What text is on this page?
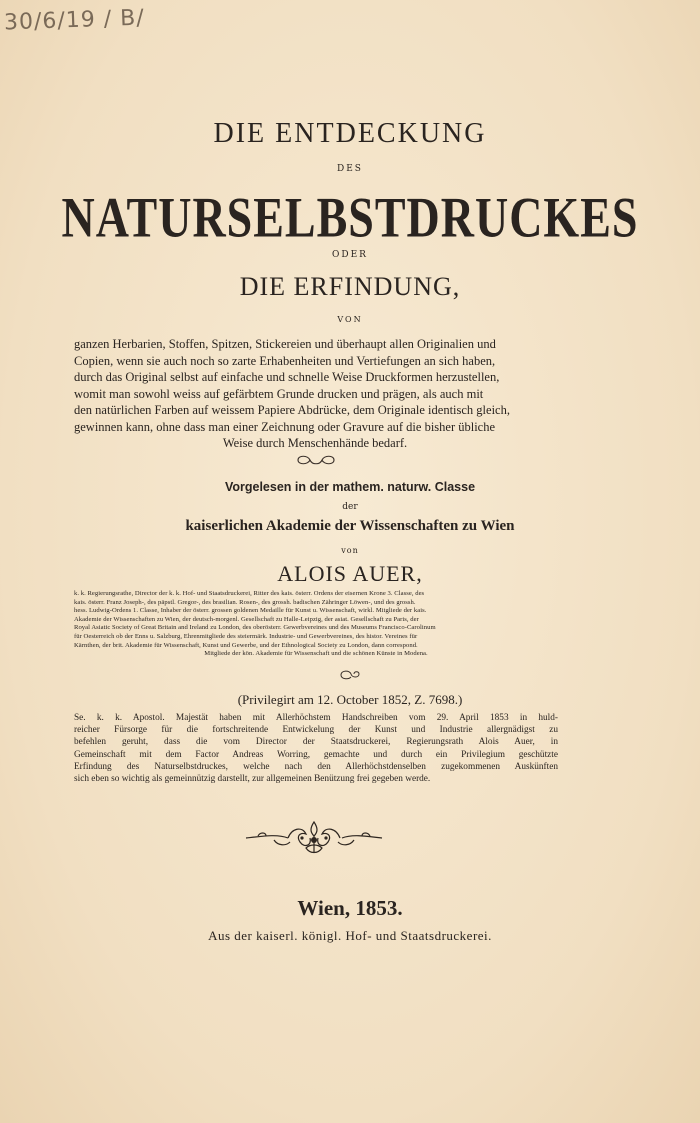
30/6/19 / B/
DIE ENTDECKUNG
DES
NATURSELBSTDRUCKES
ODER
DIE ERFINDUNG,
VON
ganzen Herbarien, Stoffen, Spitzen, Stickereien und überhaupt allen Originalien und
Copien, wenn sie auch noch so zarte Erhabenheiten und Vertiefungen an sich haben,
durch das Original selbst auf einfache und schnelle Weise Druckformen herzustellen,
womit man sowohl weiss auf gefärbtem Grunde drucken und prägen, als auch mit
den natürlichen Farben auf weissem Papiere Abdrücke, dem Originale identisch gleich,
gewinnen kann, ohne dass man einer Zeichnung oder Gravure auf die bisher übliche
Weise durch Menschenhände bedarf.
Vorgelesen in der mathem. naturw. Classe
der
kaiserlichen Akademie der Wissenschaften zu Wien
von
ALOIS AUER,
k. k. Regierungsrathe, Director der k. k. Hof- und Staatsdruckerei, Ritter des kais. österr. Ordens der eisernen Krone 3. Classe, des
kais. österr. Franz Joseph-, des päpstl. Gregor-, des brasilian. Rosen-, des grossh. badischen Zähringer Löwen-, und des grossh.
hess. Ludwig-Ordens 1. Classe, Inhaber der österr. grossen goldenen Medaille für Kunst u. Wissenschaft, wirkl. Mitgliede der kais.
Akademie der Wissenschaften zu Wien, der deutsch-morgenl. Gesellschaft zu Halle-Leipzig, der asiat. Gesellschaft zu Paris, der
Royal Asiatic Society of Great Britain and Ireland zu London, des oberösterr. Gewerbvereines und des Museums Francisco-Carolinum
für Oesterreich ob der Enns u. Salzburg, Ehrenmitgliede des steiermärk. Industrie- und Gewerbvereines, des histor. Vereines für
Kärnthen, der brit. Akademie für Wissenschaft, Kunst und Gewerbe, und der Ethnological Society zu London, dann correspond.
Mitgliede der kön. Akademie für Wissenschaft und die schönen Künste in Modena.
(Privilegirt am 12. October 1852, Z. 7698.)
Se. k. k. Apostol. Majestät haben mit Allerhöchstem Handschreiben vom 29. April 1853 in huld-
reicher Fürsorge für die fortschreitende Entwickelung der Kunst und Industrie allergnädigst zu
befehlen geruht, dass die vom Director der Staatsdruckerei, Regierungsrath Alois Auer, in
Gemeinschaft mit dem Factor Andreas Worring, gemachte und durch ein Privilegium geschützte
Erfindung des Naturselbstdruckes, welche nach den Allerhöchstdenselben zugekommenen Auskünften
sich eben so wichtig als gemeinnützig darstellt, zur allgemeinen Benützung frei gegeben werde.
Wien, 1853.
Aus der kaiserl. königl. Hof- und Staatsdruckerei.
